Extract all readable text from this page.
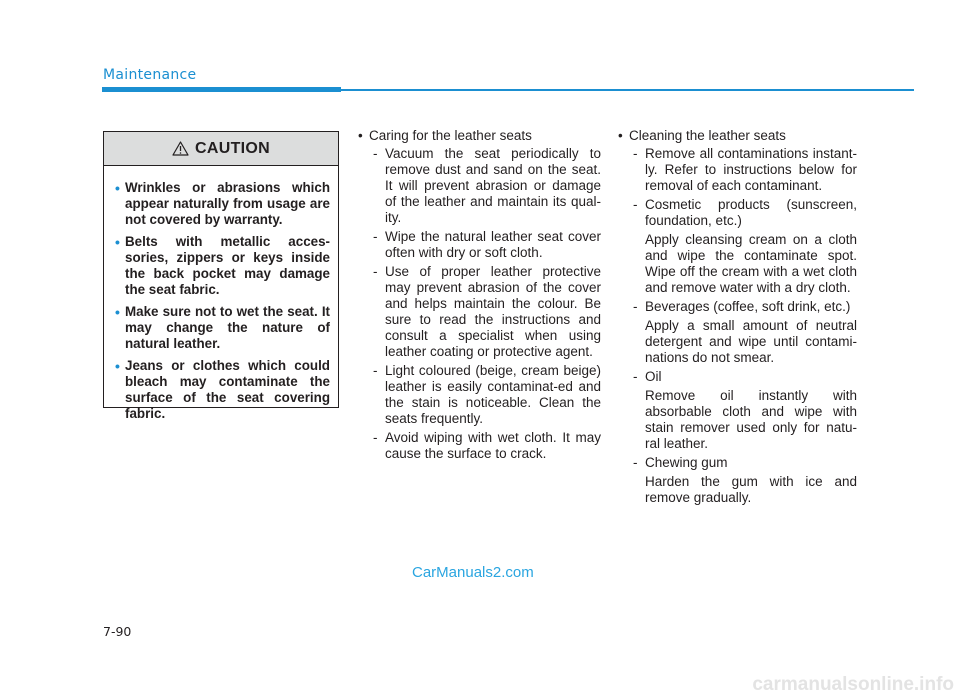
Maintenance
CAUTION
• Wrinkles or abrasions which appear naturally from usage are not covered by warranty.
• Belts with metallic acces-sories, zippers or keys inside the back pocket may damage the seat fabric.
• Make sure not to wet the seat. It may change the nature of natural leather.
• Jeans or clothes which could bleach may contaminate the surface of the seat covering fabric.
• Caring for the leather seats
- Vacuum the seat periodically to remove dust and sand on the seat. It will prevent abrasion or damage of the leather and maintain its qual-ity.
- Wipe the natural leather seat cover often with dry or soft cloth.
- Use of proper leather protective may prevent abrasion of the cover and helps maintain the colour. Be sure to read the instructions and consult a specialist when using leather coating or protective agent.
- Light coloured (beige, cream beige) leather is easily contaminat-ed and the stain is noticeable. Clean the seats frequently.
- Avoid wiping with wet cloth. It may cause the surface to crack.
• Cleaning the leather seats
- Remove all contaminations instant-ly. Refer to instructions below for removal of each contaminant.
- Cosmetic products (sunscreen, foundation, etc.)
Apply cleansing cream on a cloth and wipe the contaminate spot. Wipe off the cream with a wet cloth and remove water with a dry cloth.
- Beverages (coffee, soft drink, etc.)
Apply a small amount of neutral detergent and wipe until contami-nations do not smear.
- Oil
Remove oil instantly with absorbable cloth and wipe with stain remover used only for natu-ral leather.
- Chewing gum
Harden the gum with ice and remove gradually.
CarManuals2.com
7-90
carmanualsonline.info
